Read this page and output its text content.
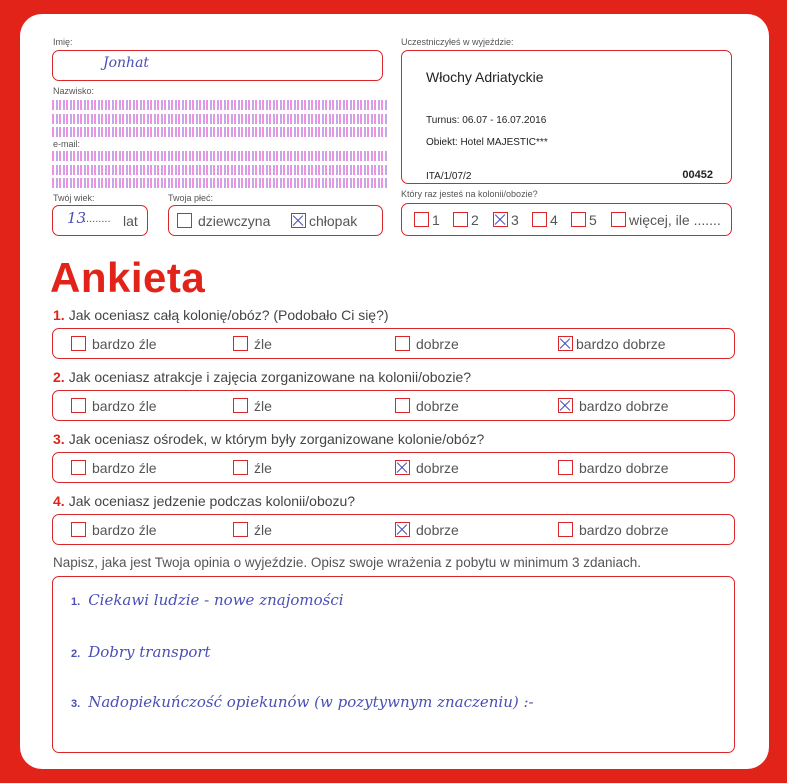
Imię:
Jonhat
Nazwisko:
e-mail:
Twój wiek:
13
......... lat
Twoja płeć:
dziewczyna	chłopak
Uczestniczyłeś w wyjeździe:
Włochy Adriatyckie
Turnus: 06.07 - 16.07.2016
Obiekt: Hotel MAJESTIC***
ITA/1/07/2	00452
Który raz jesteś na kolonii/obozie?
1	2	3	4	5	więcej, ile .......
Ankieta
1. Jak oceniasz całą kolonię/obóz? (Podobało Ci się?)
bardzo źle	źle	dobrze	bardzo dobrze
2. Jak oceniasz atrakcje i zajęcia zorganizowane na kolonii/obozie?
bardzo źle	źle	dobrze	bardzo dobrze
3. Jak oceniasz ośrodek, w którym były zorganizowane kolonie/obóz?
bardzo źle	źle	dobrze	bardzo dobrze
4. Jak oceniasz jedzenie podczas kolonii/obozu?
bardzo źle	źle	dobrze	bardzo dobrze
Napisz, jaka jest Twoja opinia o wyjeździe. Opisz swoje wrażenia z pobytu w minimum 3 zdaniach.
1. Ciekawi ludzie - nowe znajomości
2. Dobry transport
3. Nadopiekuńczość opiekunów (w pozytywnym znaczeniu) :-
